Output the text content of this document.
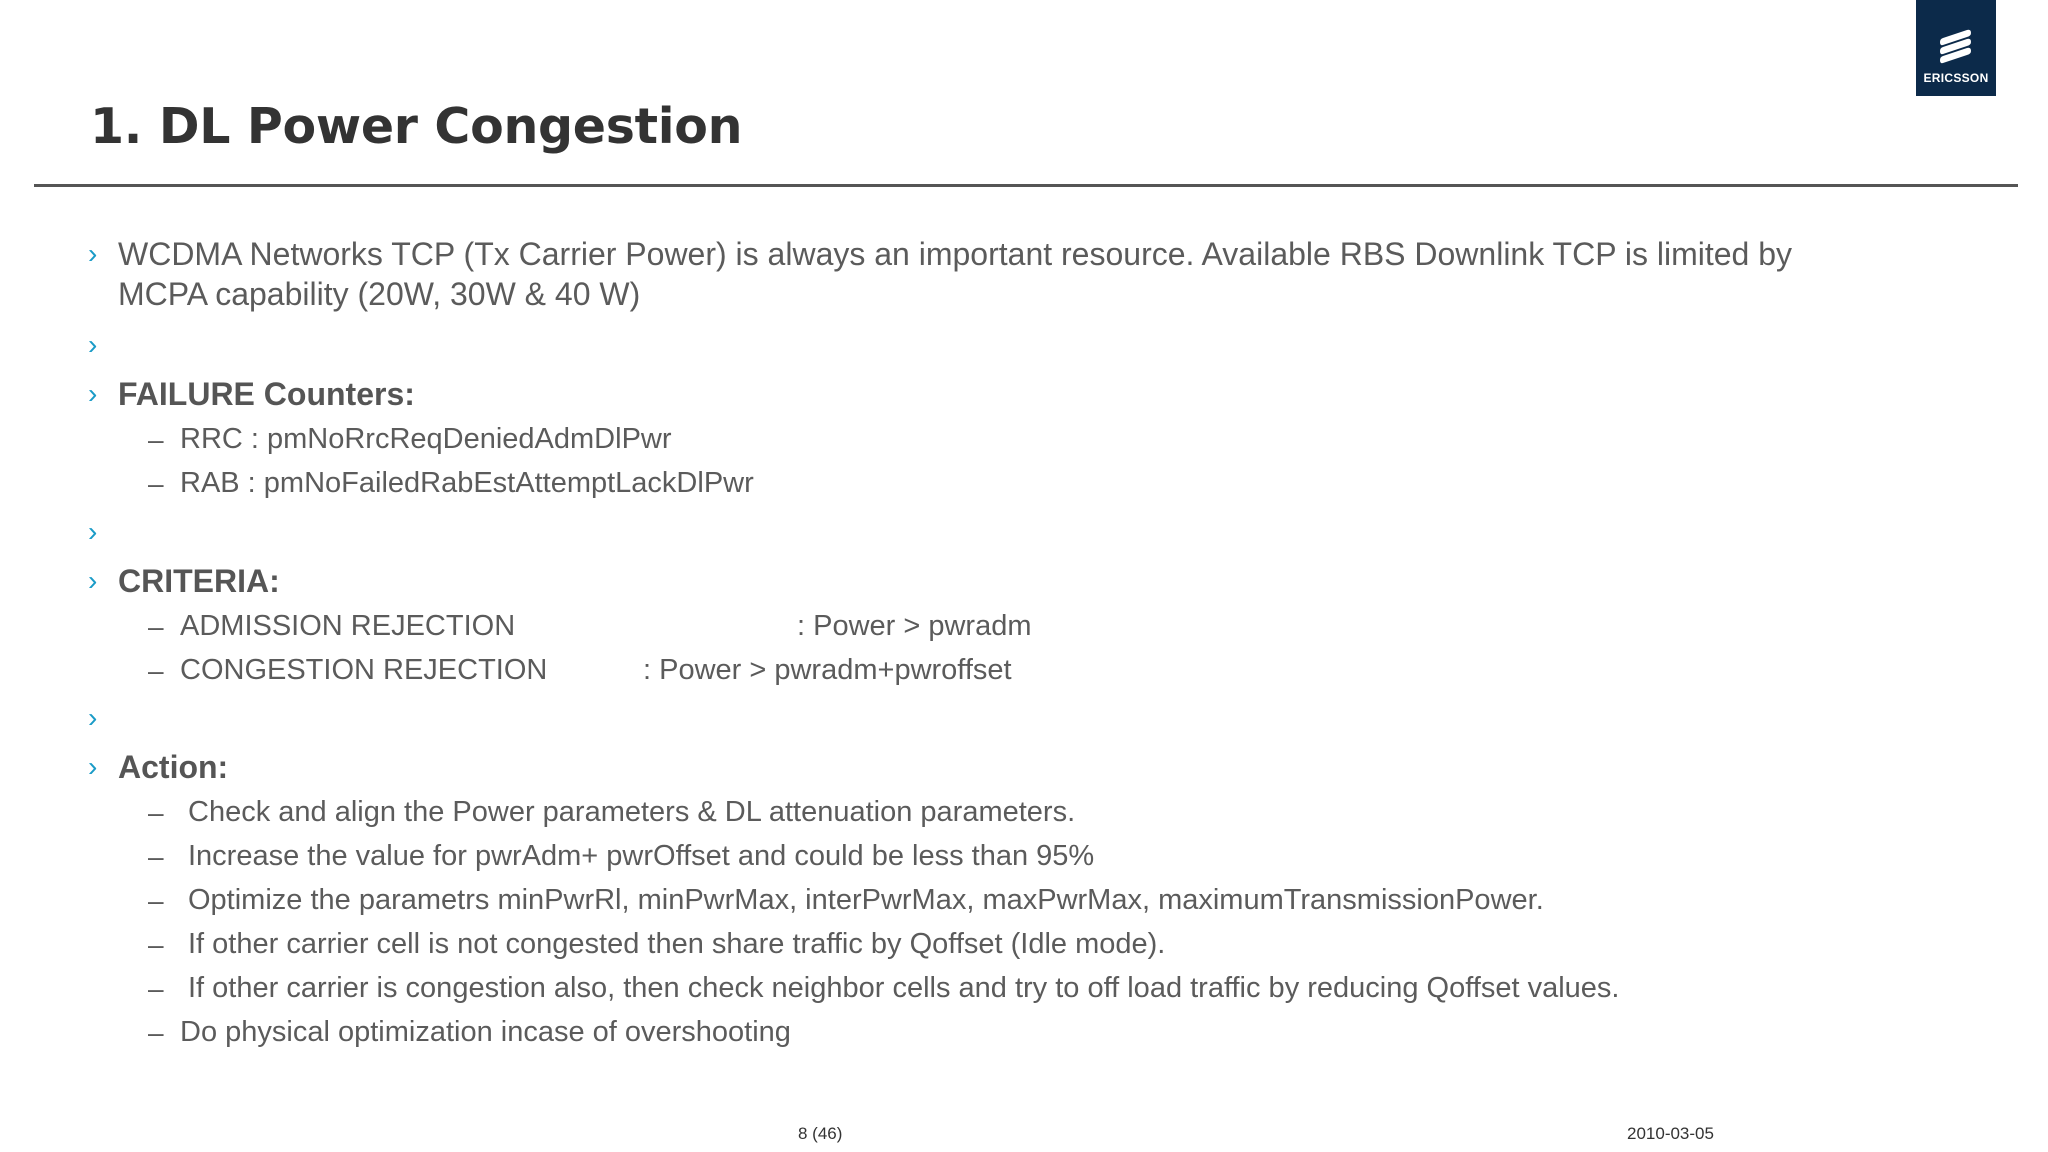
ERICSSON
1. DL Power Congestion
› WCDMA Networks TCP (Tx Carrier Power) is always an important resource. Available RBS Downlink TCP is limited by
MCPA capability (20W, 30W & 40 W)
›
› FAILURE Counters:
– RRC : pmNoRrcReqDeniedAdmDlPwr
– RAB : pmNoFailedRabEstAttemptLackDlPwr
›
› CRITERIA:
– ADMISSION REJECTION	: Power > pwradm
– CONGESTION REJECTION	: Power > pwradm+pwroffset
›
› Action:
– Check and align the Power parameters & DL attenuation parameters.
– Increase the value for pwrAdm+ pwrOffset and could be less than 95%
– Optimize the parametrs minPwrRl, minPwrMax, interPwrMax, maxPwrMax, maximumTransmissionPower.
– If other carrier cell is not congested then share traffic by Qoffset (Idle mode).
– If other carrier is congestion also, then check neighbor cells and try to off load traffic by reducing Qoffset values.
– Do physical optimization incase of overshooting
8 (46)	2010-03-05
